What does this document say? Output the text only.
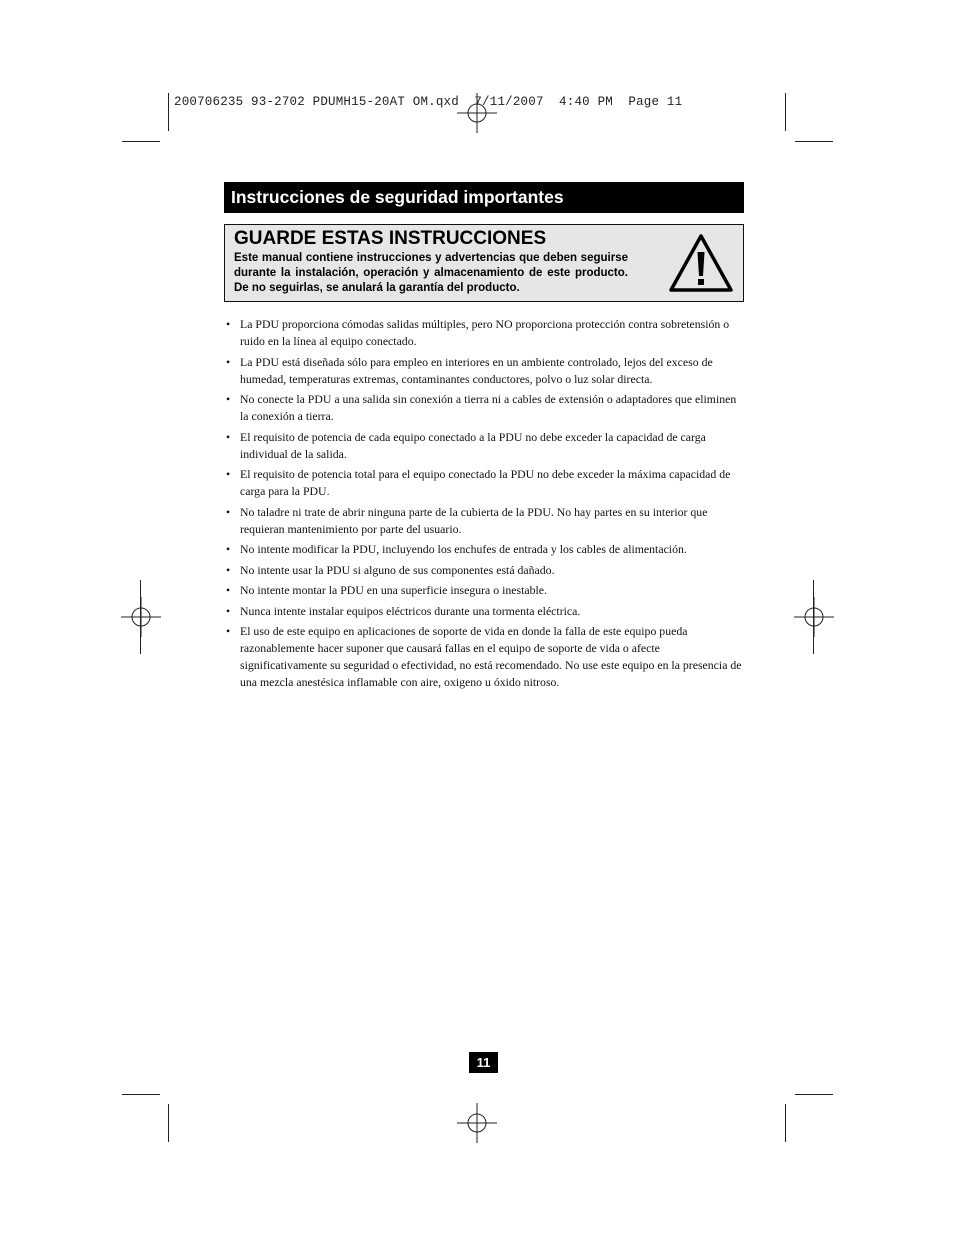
200706235 93-2702 PDUMH15-20AT OM.qxd  7/11/2007  4:40 PM  Page 11
Instrucciones de seguridad importantes
GUARDE ESTAS INSTRUCCIONES
Este manual contiene instrucciones y advertencias que deben seguirse durante la instalación, operación y almacenamiento de este producto. De no seguirlas, se anulará la garantía del producto.
• La PDU proporciona cómodas salidas múltiples, pero NO proporciona protección contra sobretensión o ruido en la línea al equipo conectado.
• La PDU está diseñada sólo para empleo en interiores en un ambiente controlado, lejos del exceso de humedad, temperaturas extremas, contaminantes conductores, polvo o luz solar directa.
• No conecte la PDU a una salida sin conexión a tierra ni a cables de extensión o adaptadores que eliminen la conexión a tierra.
• El requisito de potencia de cada equipo conectado a la PDU no debe exceder la capacidad de carga individual de la salida.
• El requisito de potencia total para el equipo conectado la PDU no debe exceder la máxima capacidad de carga para la PDU.
• No taladre ni trate de abrir ninguna parte de la cubierta de la PDU. No hay partes en su interior que requieran mantenimiento por parte del usuario.
• No intente modificar la PDU, incluyendo los enchufes de entrada y los cables de alimentación.
• No intente usar la PDU si alguno de sus componentes está dañado.
• No intente montar la PDU en una superficie insegura o inestable.
• Nunca intente instalar equipos eléctricos durante una tormenta eléctrica.
• El uso de este equipo en aplicaciones de soporte de vida en donde la falla de este equipo pueda razonablemente hacer suponer que causará fallas en el equipo de soporte de vida o afecte significativamente su seguridad o efectividad, no está recomendado. No use este equipo en la presencia de una mezcla anestésica inflamable con aire, oxigeno u óxido nitroso.
11
